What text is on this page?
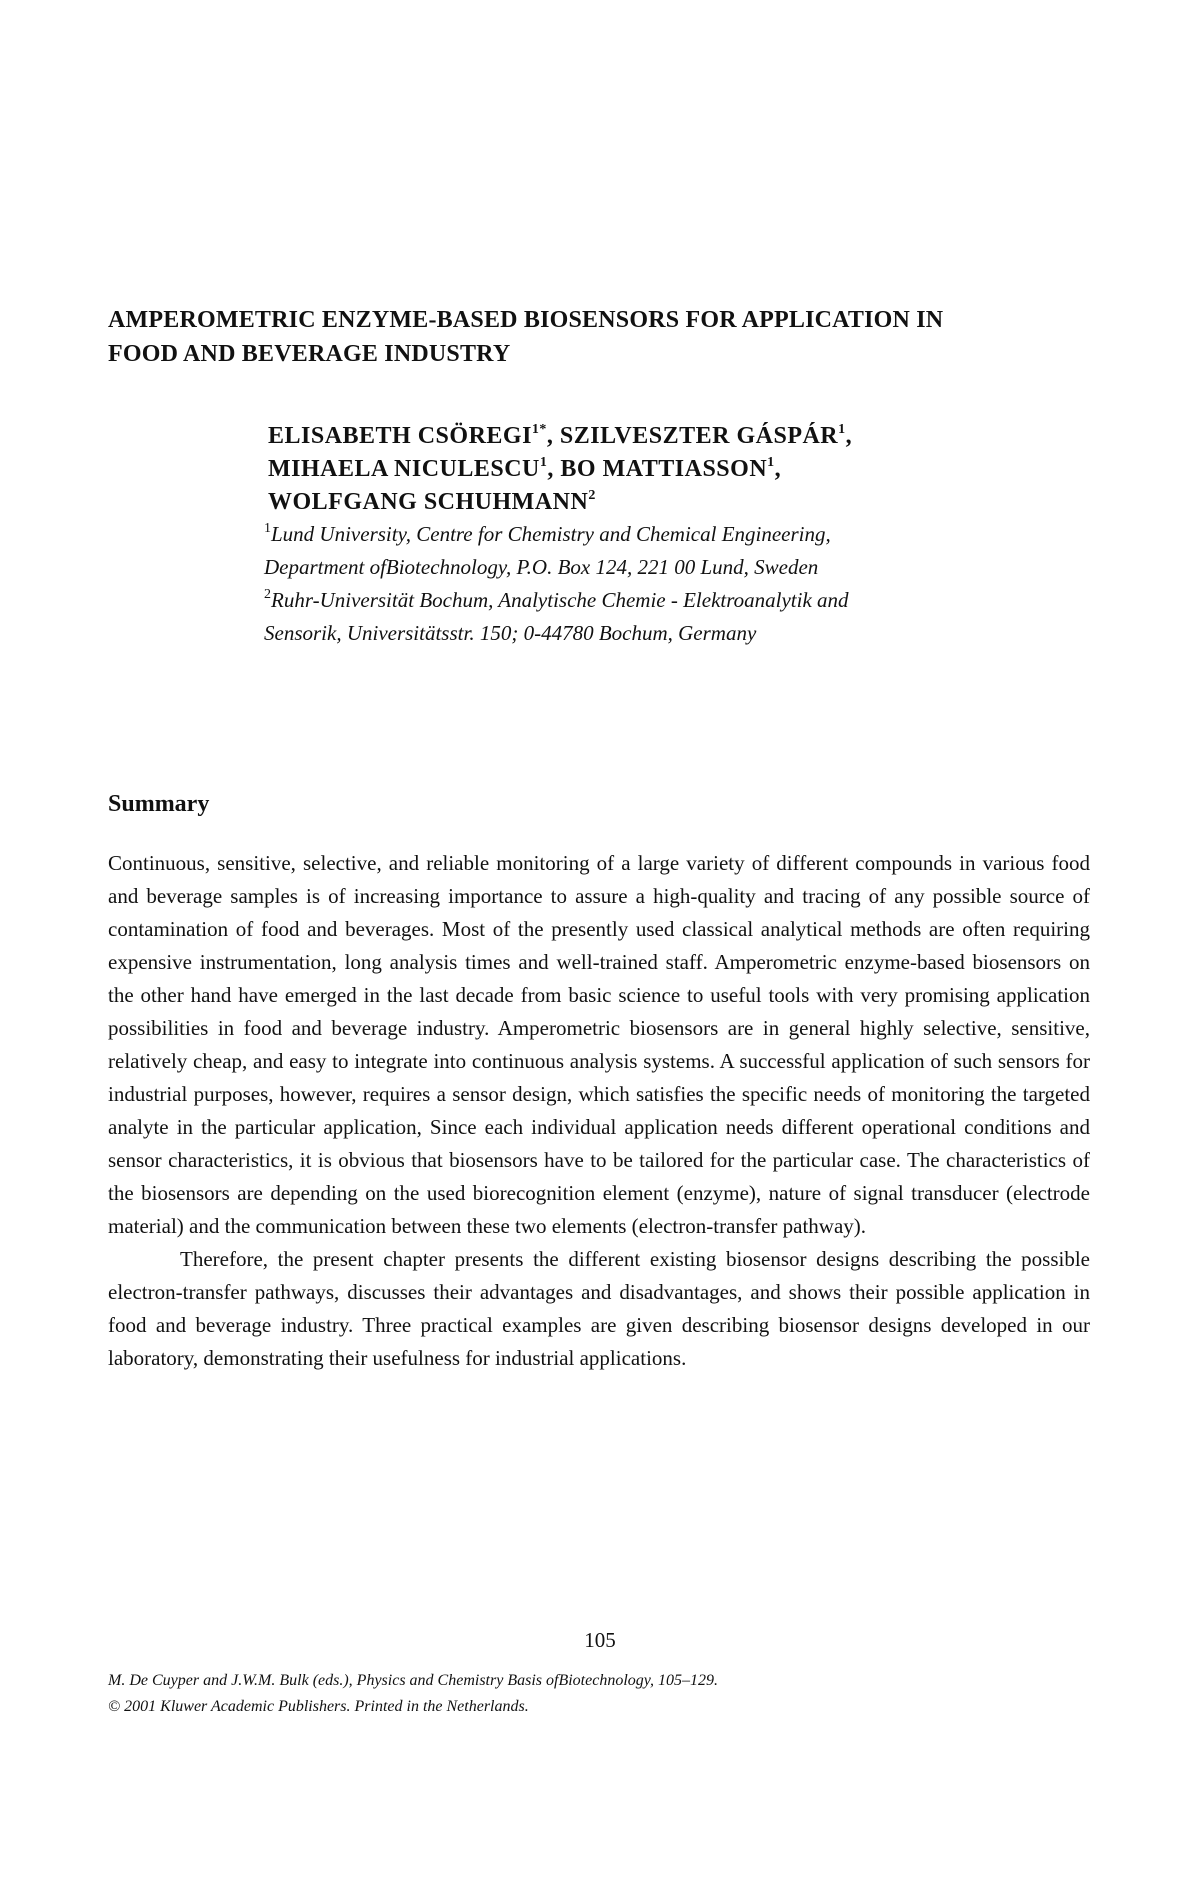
AMPEROMETRIC ENZYME-BASED BIOSENSORS FOR APPLICATION IN
FOOD AND BEVERAGE INDUSTRY
ELISABETH $CSÖREGI^{1*}$, SZILVESZTER GÁSPÁR$^1$,
MIHAELA NICULESCU$^1$, BO MATTIASSON$^1$,
WOLFGANG SCHUHMANN$^2$
$^1$Lund University, Centre for Chemistry and Chemical Engineering,
Department ofBiotechnology, P.O. Box 124, 221 00 Lund, Sweden
$^2$Ruhr-Universität Bochum, Analytische Chemie - Elektroanalytik and
Sensorik, Universitätsstr. 150; 0-44780 Bochum, Germany
Summary

Continuous, sensitive, selective, and reliable monitoring of a large variety of different compounds in various food and beverage samples is of increasing importance to assure a high-quality and tracing of any possible source of contamination of food and beverages. Most of the presently used classical analytical methods are often requiring expensive instrumentation, long analysis times and well-trained staff. Amperometric enzyme-based biosensors on the other hand have emerged in the last decade from basic science to useful tools with very promising application possibilities in food and beverage industry. Amperometric biosensors are in general highly selective, sensitive, relatively cheap, and easy to integrate into continuous analysis systems. A successful application of such sensors for industrial purposes, however, requires a sensor design, which satisfies the specific needs of monitoring the targeted analyte in the particular application, Since each individual application needs different operational conditions and sensor characteristics, it is obvious that biosensors have to be tailored for the particular case. The characteristics of the biosensors are depending on the used biorecognition element (enzyme), nature of signal transducer (electrode material) and the communication between these two elements (electron-transfer pathway).

Therefore, the present chapter presents the different existing biosensor designs describing the possible electron-transfer pathways, discusses their advantages and disadvantages, and shows their possible application in food and beverage industry. Three practical examples are given describing biosensor designs developed in our laboratory, demonstrating their usefulness for industrial applications.

105
M. De Cuyper and J.W.M. Bulk (eds.), Physics and Chemistry Basis ofBiotechnology, 105–129.
© 2001 Kluwer Academic Publishers. Printed in the Netherlands.
